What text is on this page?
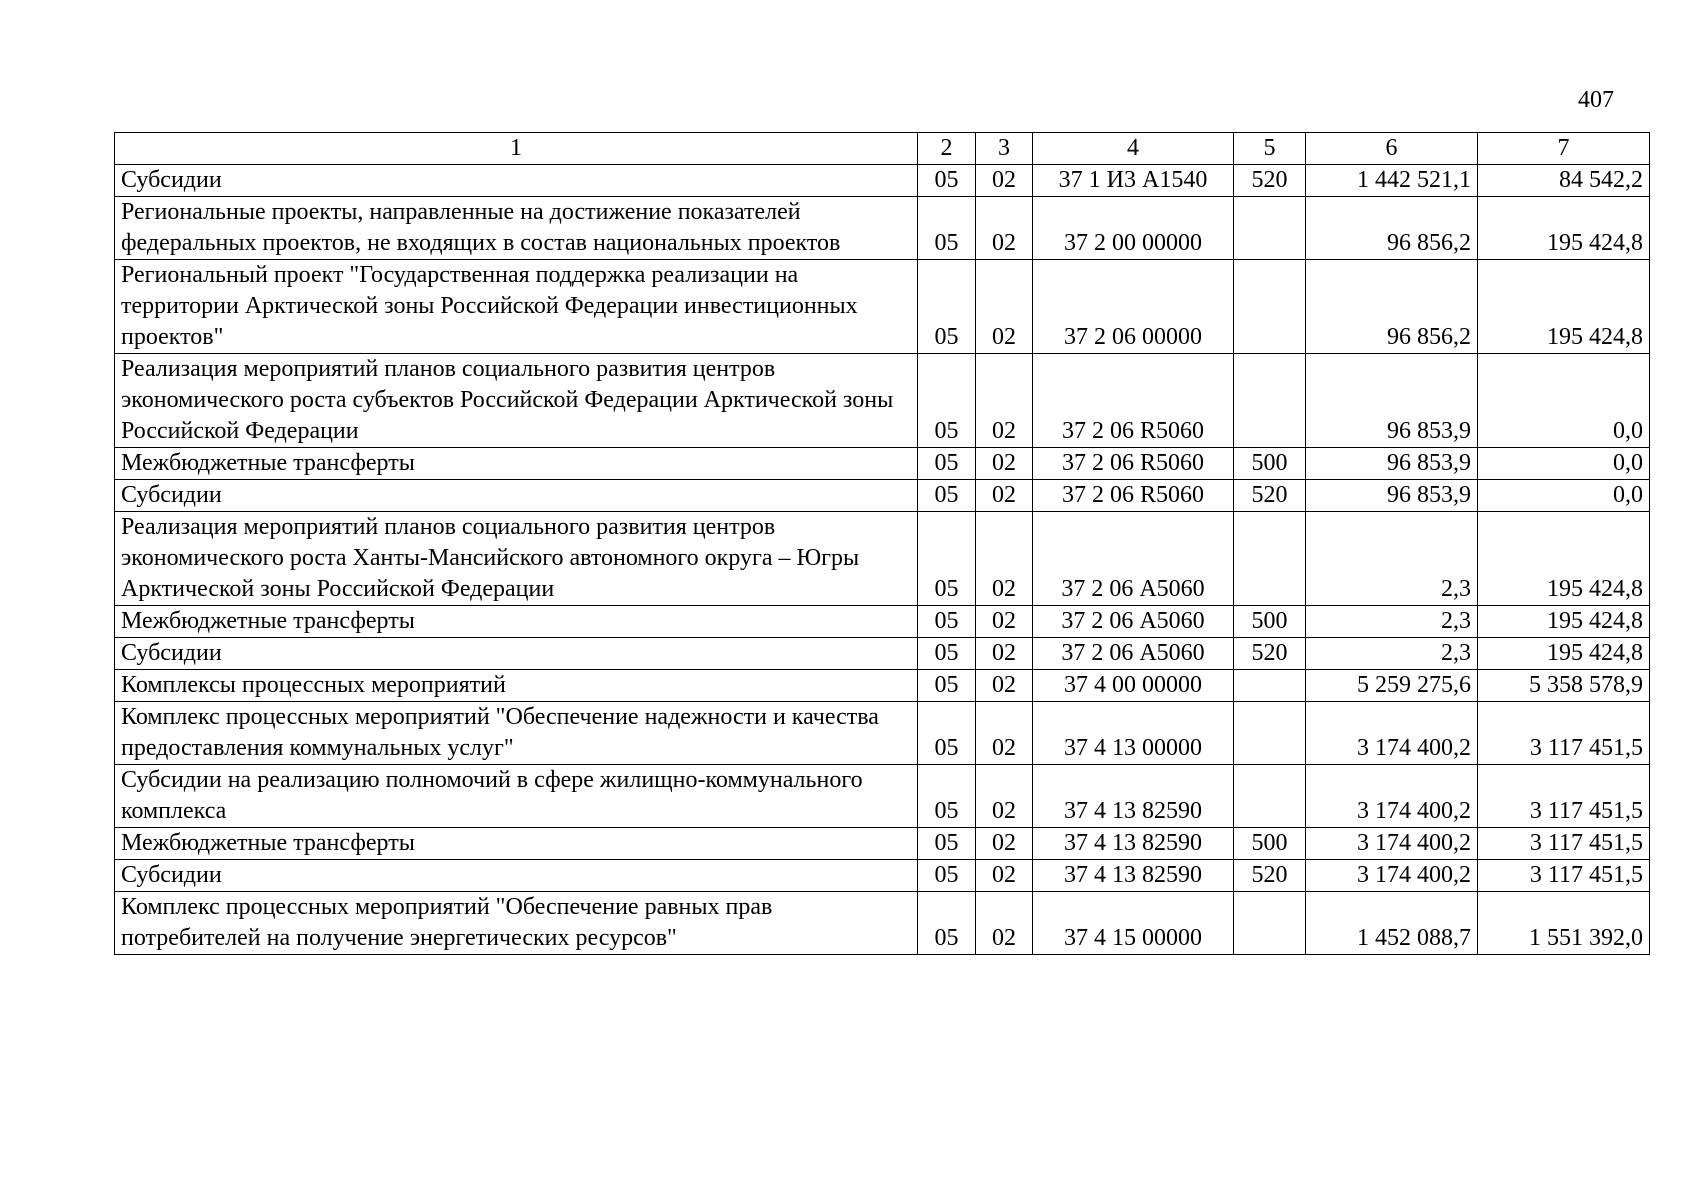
407
1	2	3	4	5	6	7
Субсидии	05	02	37 1 И3 А1540	520	1 442 521,1	84 542,2
Региональные проекты, направленные на достижение показателей федеральных проектов, не входящих в состав национальных проектов	05	02	37 2 00 00000		96 856,2	195 424,8
Региональный проект "Государственная поддержка реализации на территории Арктической зоны Российской Федерации инвестиционных проектов"	05	02	37 2 06 00000		96 856,2	195 424,8
Реализация мероприятий планов социального развития центров экономического роста субъектов Российской Федерации Арктической зоны Российской Федерации	05	02	37 2 06 R5060		96 853,9	0,0
Межбюджетные трансферты	05	02	37 2 06 R5060	500	96 853,9	0,0
Субсидии	05	02	37 2 06 R5060	520	96 853,9	0,0
Реализация мероприятий планов социального развития центров экономического роста Ханты-Мансийского автономного округа – Югры Арктической зоны Российской Федерации	05	02	37 2 06 А5060		2,3	195 424,8
Межбюджетные трансферты	05	02	37 2 06 А5060	500	2,3	195 424,8
Субсидии	05	02	37 2 06 А5060	520	2,3	195 424,8
Комплексы процессных мероприятий	05	02	37 4 00 00000		5 259 275,6	5 358 578,9
Комплекс процессных мероприятий "Обеспечение надежности и качества предоставления коммунальных услуг"	05	02	37 4 13 00000		3 174 400,2	3 117 451,5
Субсидии на реализацию полномочий в сфере жилищно-коммунального комплекса	05	02	37 4 13 82590		3 174 400,2	3 117 451,5
Межбюджетные трансферты	05	02	37 4 13 82590	500	3 174 400,2	3 117 451,5
Субсидии	05	02	37 4 13 82590	520	3 174 400,2	3 117 451,5
Комплекс процессных мероприятий "Обеспечение равных прав потребителей на получение энергетических ресурсов"	05	02	37 4 15 00000		1 452 088,7	1 551 392,0
